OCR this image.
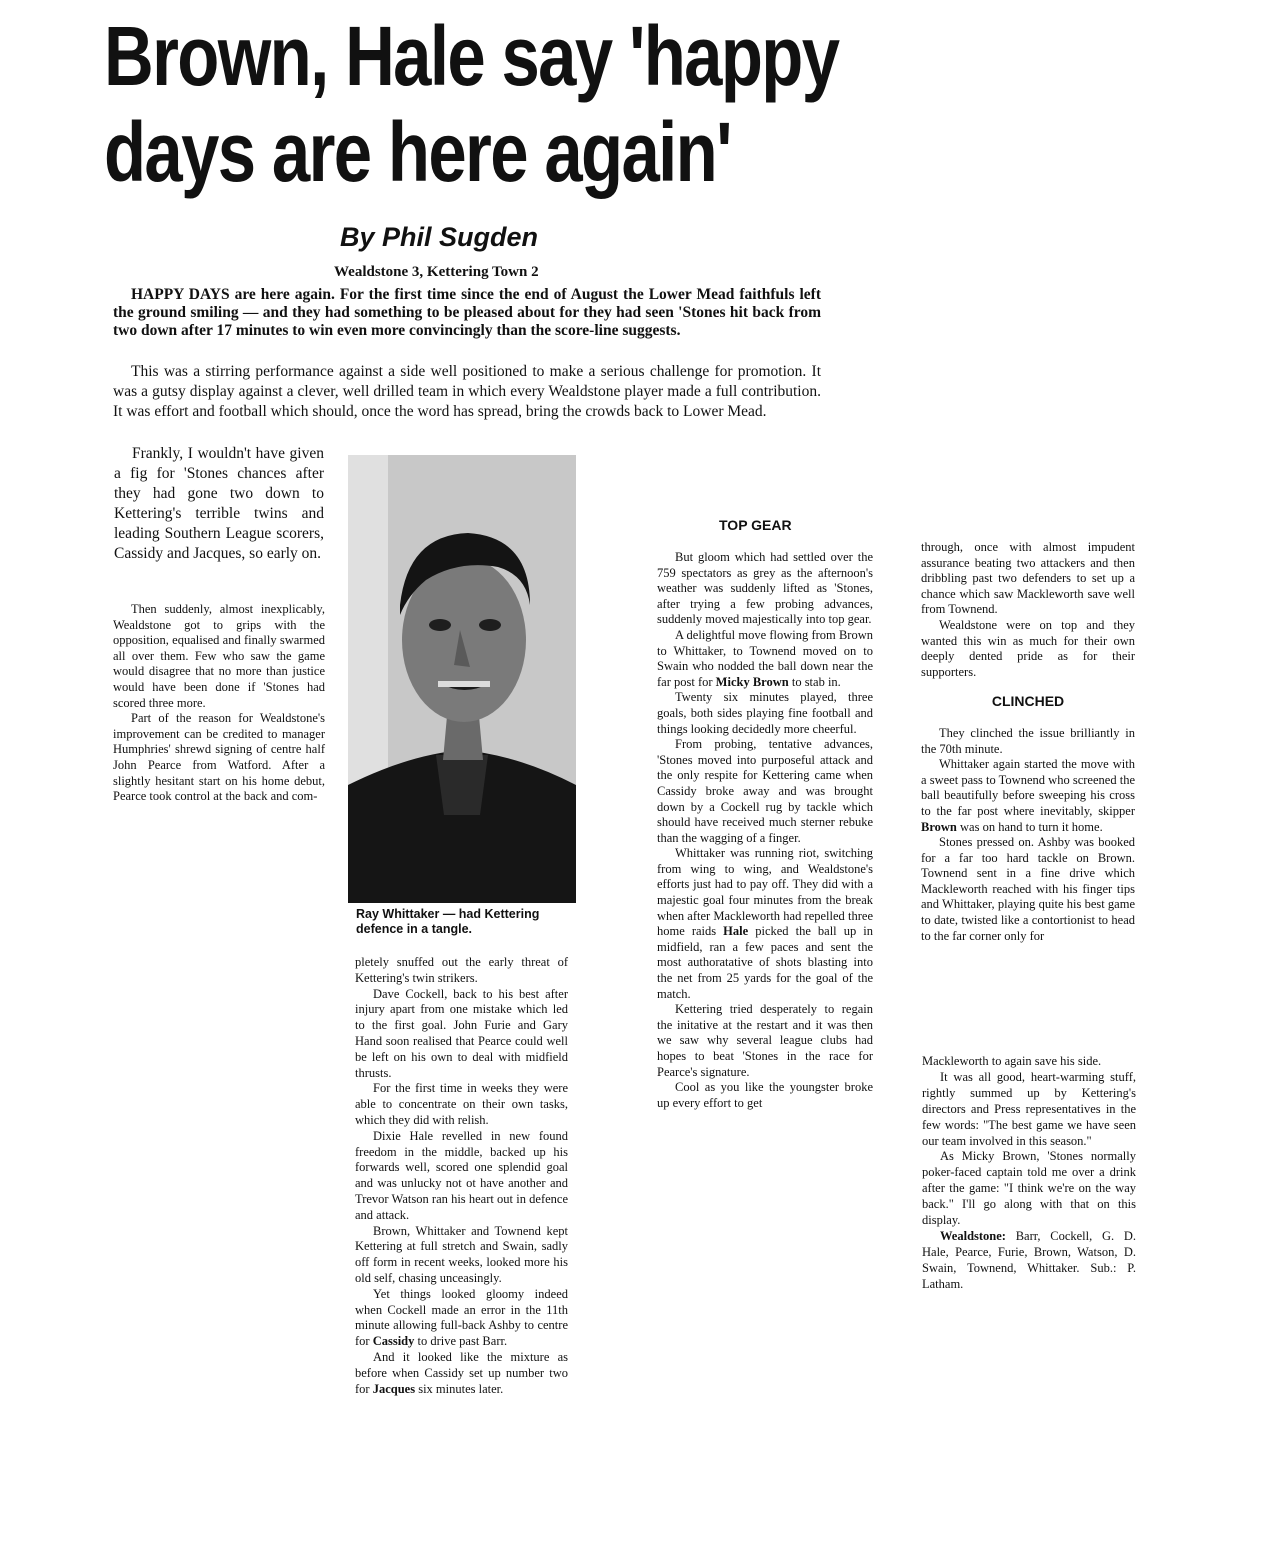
Brown, Hale say 'happy
days are here again'

By Phil Sugden

Wealdstone 3, Kettering Town 2

HAPPY DAYS are here again. For the first time since the end of August the Lower Mead faithfuls left the ground smiling — and they had something to be pleased about for they had seen 'Stones hit back from two down after 17 minutes to win even more convincingly than the score-line suggests.

This was a stirring performance against a side well positioned to make a serious challenge for promotion. It was a gutsy display against a clever, well drilled team in which every Wealdstone player made a full contribution. It was effort and football which should, once the word has spread, bring the crowds back to Lower Mead.

Frankly, I wouldn't have given a fig for 'Stones chances after they had gone two down to Kettering's terrible twins and leading Southern League scorers, Cassidy and Jacques, so early on.

Then suddenly, almost inexplicably, Wealdstone got to grips with the opposition, equalised and finally swarmed all over them. Few who saw the game would disagree that no more than justice would have been done if 'Stones had scored three more.

Part of the reason for Wealdstone's improvement can be credited to manager Humphries' shrewd signing of centre half John Pearce from Watford. After a slightly hesitant start on his home debut, Pearce took control at the back and com-

Ray Whittaker — had Kettering defence in a tangle.

pletely snuffed out the early threat of Kettering's twin strikers.

Dave Cockell, back to his best after injury apart from one mistake which led to the first goal. John Furie and Gary Hand soon realised that Pearce could well be left on his own to deal with midfield thrusts.

For the first time in weeks they were able to concentrate on their own tasks, which they did with relish.

Dixie Hale revelled in new found freedom in the middle, backed up his forwards well, scored one splendid goal and was unlucky not ot have another and Trevor Watson ran his heart out in defence and attack.

Brown, Whittaker and Townend kept Kettering at full stretch and Swain, sadly off form in recent weeks, looked more his old self, chasing unceasingly.

Yet things looked gloomy indeed when Cockell made an error in the 11th minute allowing full-back Ashby to centre for Cassidy to drive past Barr.

And it looked like the mixture as before when Cassidy set up number two for Jacques six minutes later.

TOP GEAR

But gloom which had settled over the 759 spectators as grey as the afternoon's weather was suddenly lifted as 'Stones, after trying a few probing advances, suddenly moved majestically into top gear.

A delightful move flowing from Brown to Whittaker, to Townend moved on to Swain who nodded the ball down near the far post for Micky Brown to stab in.

Twenty six minutes played, three goals, both sides playing fine football and things looking decidedly more cheerful.

From probing, tentative advances, 'Stones moved into purposeful attack and the only respite for Kettering came when Cassidy broke away and was brought down by a Cockell rug by tackle which should have received much sterner rebuke than the wagging of a finger.

Whittaker was running riot, switching from wing to wing, and Wealdstone's efforts just had to pay off. They did with a majestic goal four minutes from the break when after Mackleworth had repelled three home raids Hale picked the ball up in midfield, ran a few paces and sent the most authoratative of shots blasting into the net from 25 yards for the goal of the match.

Kettering tried desperately to regain the initative at the restart and it was then we saw why several league clubs had hopes to beat 'Stones in the race for Pearce's signature.

Cool as you like the youngster broke up every effort to get

through, once with almost impudent assurance beating two attackers and then dribbling past two defenders to set up a chance which saw Mackleworth save well from Townend.

Wealdstone were on top and they wanted this win as much for their own deeply dented pride as for their supporters.

CLINCHED

They clinched the issue brilliantly in the 70th minute.

Whittaker again started the move with a sweet pass to Townend who screened the ball beautifully before sweeping his cross to the far post where inevitably, skipper Brown was on hand to turn it home.

Stones pressed on. Ashby was booked for a far too hard tackle on Brown. Townend sent in a fine drive which Mackleworth reached with his finger tips and Whittaker, playing quite his best game to date, twisted like a contortionist to head to the far corner only for

Mackleworth to again save his side.

It was all good, heart-warming stuff, rightly summed up by Kettering's directors and Press representatives in the few words: "The best game we have seen our team involved in this season."

As Micky Brown, 'Stones normally poker-faced captain told me over a drink after the game: "I think we're on the way back." I'll go along with that on this display.

Wealdstone: Barr, Cockell, G. D. Hale, Pearce, Furie, Brown, Watson, D. Swain, Townend, Whittaker. Sub.: P. Latham.
